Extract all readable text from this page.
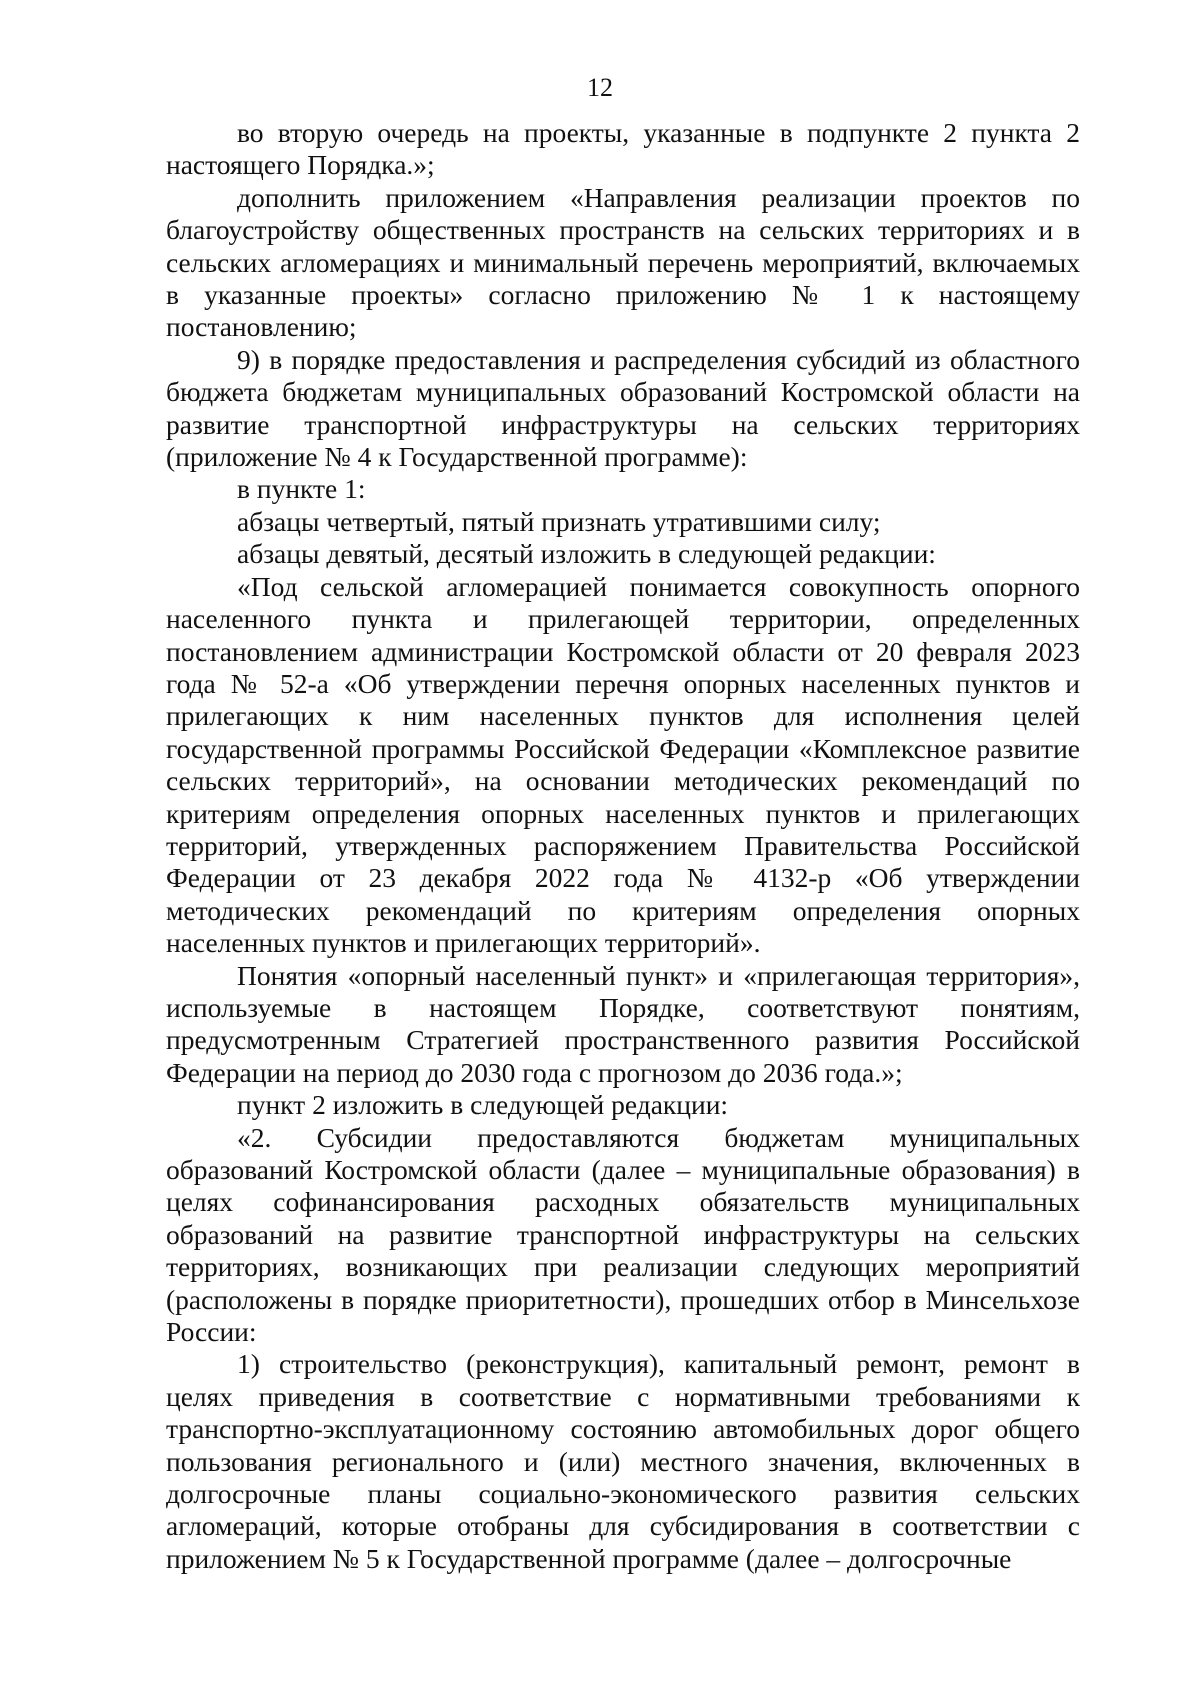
12

во вторую очередь на проекты, указанные в подпункте 2 пункта 2 настоящего Порядка.»;

дополнить приложением «Направления реализации проектов по благоустройству общественных пространств на сельских территориях и в сельских агломерациях и минимальный перечень мероприятий, включаемых в указанные проекты» согласно приложению № 1 к настоящему постановлению;

9) в порядке предоставления и распределения субсидий из областного бюджета бюджетам муниципальных образований Костромской области на развитие транспортной инфраструктуры на сельских территориях (приложение № 4 к Государственной программе):

в пункте 1:

абзацы четвертый, пятый признать утратившими силу;

абзацы девятый, десятый изложить в следующей редакции:

«Под сельской агломерацией понимается совокупность опорного населенного пункта и прилегающей территории, определенных постановлением администрации Костромской области от 20 февраля 2023 года № 52-а «Об утверждении перечня опорных населенных пунктов и прилегающих к ним населенных пунктов для исполнения целей государственной программы Российской Федерации «Комплексное развитие сельских территорий», на основании методических рекомендаций по критериям определения опорных населенных пунктов и прилегающих территорий, утвержденных распоряжением Правительства Российской Федерации от 23 декабря 2022 года № 4132-р «Об утверждении методических рекомендаций по критериям определения опорных населенных пунктов и прилегающих территорий».

Понятия «опорный населенный пункт» и «прилегающая территория», используемые в настоящем Порядке, соответствуют понятиям, предусмотренным Стратегией пространственного развития Российской Федерации на период до 2030 года с прогнозом до 2036 года.»;

пункт 2 изложить в следующей редакции:

«2. Субсидии предоставляются бюджетам муниципальных образований Костромской области (далее – муниципальные образования) в целях софинансирования расходных обязательств муниципальных образований на развитие транспортной инфраструктуры на сельских территориях, возникающих при реализации следующих мероприятий (расположены в порядке приоритетности), прошедших отбор в Минсельхозе России:

1) строительство (реконструкция), капитальный ремонт, ремонт в целях приведения в соответствие с нормативными требованиями к транспортно-эксплуатационному состоянию автомобильных дорог общего пользования регионального и (или) местного значения, включенных в долгосрочные планы социально-экономического развития сельских агломераций, которые отобраны для субсидирования в соответствии с приложением № 5 к Государственной программе (далее – долгосрочные
